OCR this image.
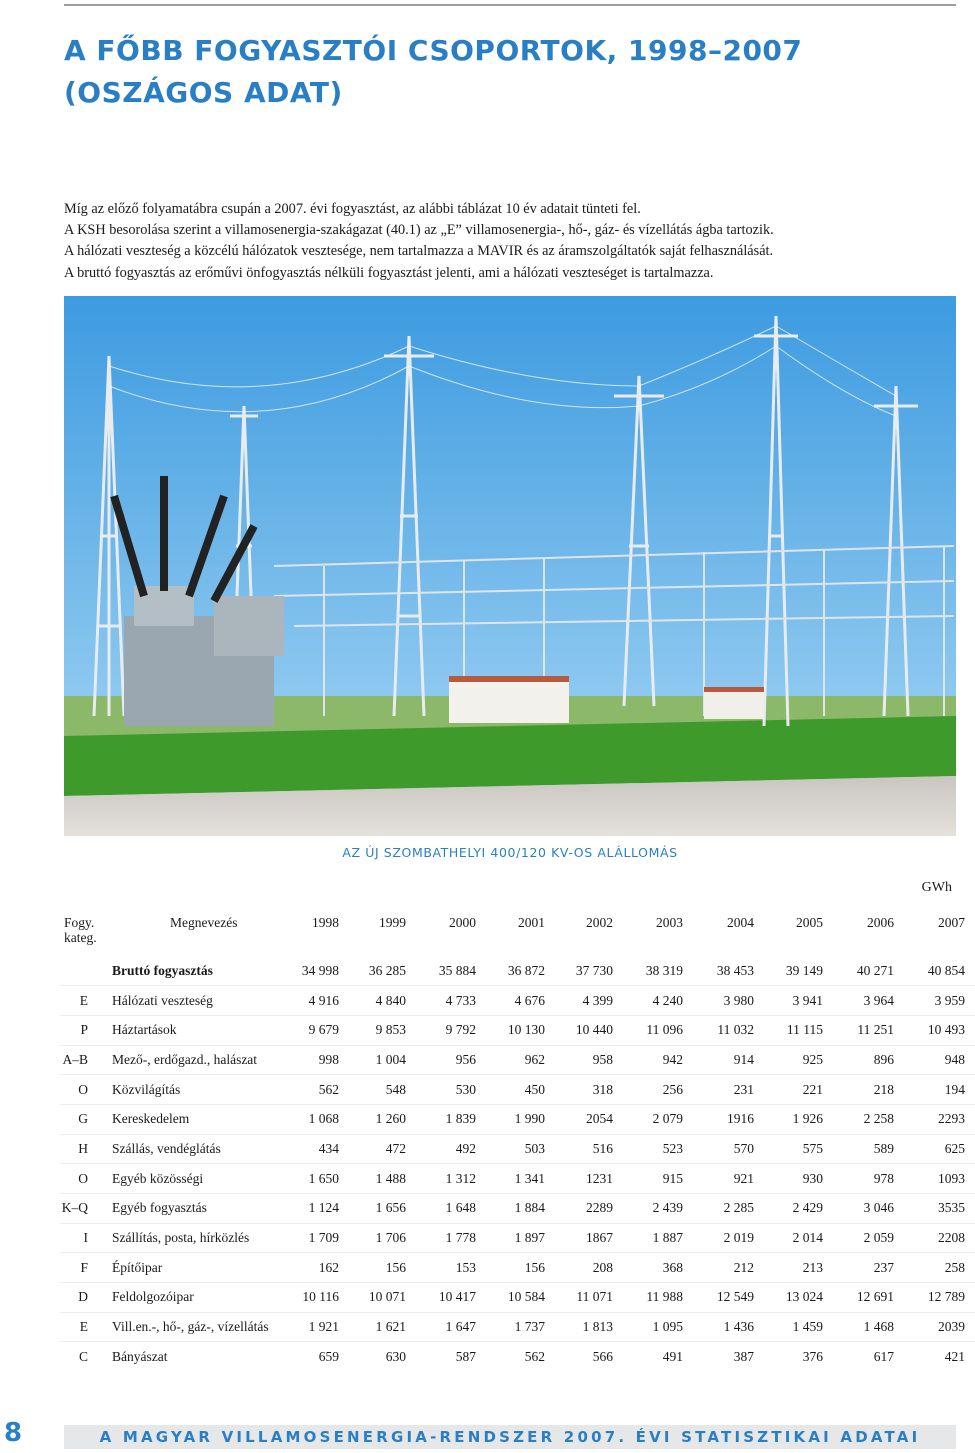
A FŐBB FOGYASZTÓI CSOPORTOK, 1998–2007
(OSZÁGOS ADAT)

Míg az előző folyamatábra csupán a 2007. évi fogyasztást, az alábbi táblázat 10 év adatait tünteti fel.

A KSH besorolása szerint a villamosenergia-szakágazat (40.1) az „E” villamosenergia-, hő-, gáz- és vízellátás ágba tartozik.

A hálózati veszteség a közcélú hálózatok vesztesége, nem tartalmazza a MAVIR és az áramszolgáltatók saját felhasználását.

A bruttó fogyasztás az erőművi önfogyasztás nélküli fogyasztást jelenti, ami a hálózati veszteséget is tartalmazza.

AZ ÚJ SZOMBATHELYI 400/120 KV-OS ALÁLLOMÁS
GWh
Fogy. kateg.	Megnevezés	1998	1999	2000	2001	2002	2003	2004	2005	2006	2007
	Bruttó fogyasztás	34 998	36 285	35 884	36 872	37 730	38 319	38 453	39 149	40 271	40 854
E	Hálózati veszteség	4 916	4 840	4 733	4 676	4 399	4 240	3 980	3 941	3 964	3 959
P	Háztartások	9 679	9 853	9 792	10 130	10 440	11 096	11 032	11 115	11 251	10 493
A–B	Mező-, erdőgazd., halászat	998	1 004	956	962	958	942	914	925	896	948
O	Közvilágítás	562	548	530	450	318	256	231	221	218	194
G	Kereskedelem	1 068	1 260	1 839	1 990	2054	2 079	1916	1 926	2 258	2293
H	Szállás, vendéglátás	434	472	492	503	516	523	570	575	589	625
O	Egyéb közösségi	1 650	1 488	1 312	1 341	1231	915	921	930	978	1093
K–Q	Egyéb fogyasztás	1 124	1 656	1 648	1 884	2289	2 439	2 285	2 429	3 046	3535
I	Szállítás, posta, hírközlés	1 709	1 706	1 778	1 897	1867	1 887	2 019	2 014	2 059	2208
F	Építőipar	162	156	153	156	208	368	212	213	237	258
D	Feldolgozóipar	10 116	10 071	10 417	10 584	11 071	11 988	12 549	13 024	12 691	12 789
E	Vill.en.-, hő-, gáz-, vízellátás	1 921	1 621	1 647	1 737	1 813	1 095	1 436	1 459	1 468	2039
C	Bányászat	659	630	587	562	566	491	387	376	617	421
A MAGYAR VILLAMOSENERGIA-RENDSZER 2007. ÉVI STATISZTIKAI ADATAI
8
